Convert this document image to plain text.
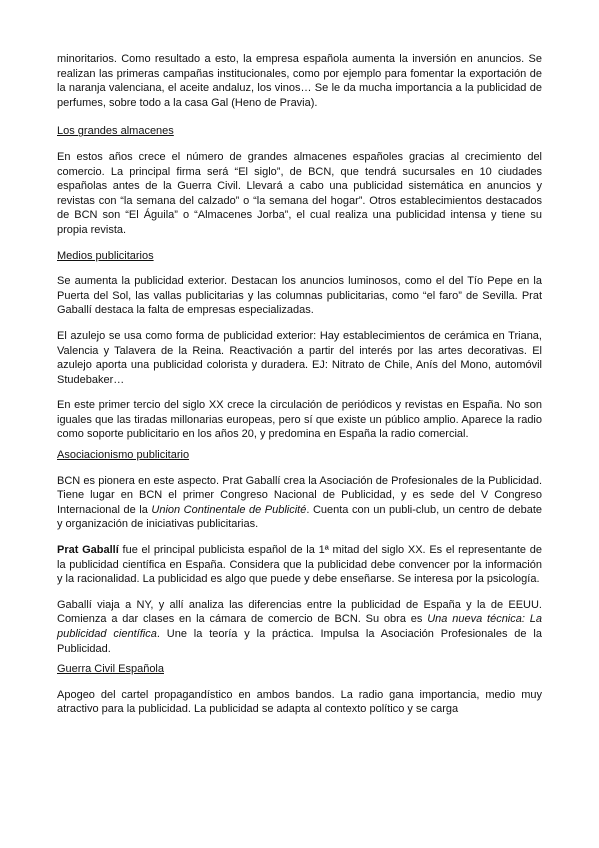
minoritarios. Como resultado a esto, la empresa española aumenta la inversión en anuncios. Se realizan las primeras campañas institucionales, como por ejemplo para fomentar la exportación de la naranja valenciana, el aceite andaluz, los vinos… Se le da mucha importancia a la publicidad de perfumes, sobre todo a la casa Gal (Heno de Pravia).

Los grandes almacenes

En estos años crece el número de grandes almacenes españoles gracias al crecimiento del comercio. La principal firma será “El siglo”, de BCN, que tendrá sucursales en 10 ciudades españolas antes de la Guerra Civil. Llevará a cabo una publicidad sistemática en anuncios y revistas con “la semana del calzado” o “la semana del hogar”. Otros establecimientos destacados de BCN son “El Águila” o “Almacenes Jorba”, el cual realiza una publicidad intensa y tiene su propia revista.

Medios publicitarios

Se aumenta la publicidad exterior. Destacan los anuncios luminosos, como el del Tío Pepe en la Puerta del Sol, las vallas publicitarias y las columnas publicitarias, como “el faro” de Sevilla. Prat Gaballí destaca la falta de empresas especializadas.

El azulejo se usa como forma de publicidad exterior: Hay establecimientos de cerámica en Triana, Valencia y Talavera de la Reina. Reactivación a partir del interés por las artes decorativas. El azulejo aporta una publicidad colorista y duradera. EJ: Nitrato de Chile, Anís del Mono, automóvil Studebaker…

En este primer tercio del siglo XX crece la circulación de periódicos y revistas en España. No son iguales que las tiradas millonarias europeas, pero sí que existe un público amplio. Aparece la radio como soporte publicitario en los años 20, y predomina en España la radio comercial.

Asociacionismo publicitario

BCN es pionera en este aspecto. Prat Gaballí crea la Asociación de Profesionales de la Publicidad. Tiene lugar en BCN el primer Congreso Nacional de Publicidad, y es sede del V Congreso Internacional de la Union Continentale de Publicité. Cuenta con un publi-club, un centro de debate y organización de iniciativas publicitarias.

Prat Gaballí fue el principal publicista español de la 1ª mitad del siglo XX. Es el representante de la publicidad científica en España. Considera que la publicidad debe convencer por la información y la racionalidad. La publicidad es algo que puede y debe enseñarse. Se interesa por la psicología.

Gaballí viaja a NY, y allí analiza las diferencias entre la publicidad de España y la de EEUU. Comienza a dar clases en la cámara de comercio de BCN. Su obra es Una nueva técnica: La publicidad científica. Une la teoría y la práctica. Impulsa la Asociación Profesionales de la Publicidad.

Guerra Civil Española

Apogeo del cartel propagandístico en ambos bandos. La radio gana importancia, medio muy atractivo para la publicidad. La publicidad se adapta al contexto político y se carga
